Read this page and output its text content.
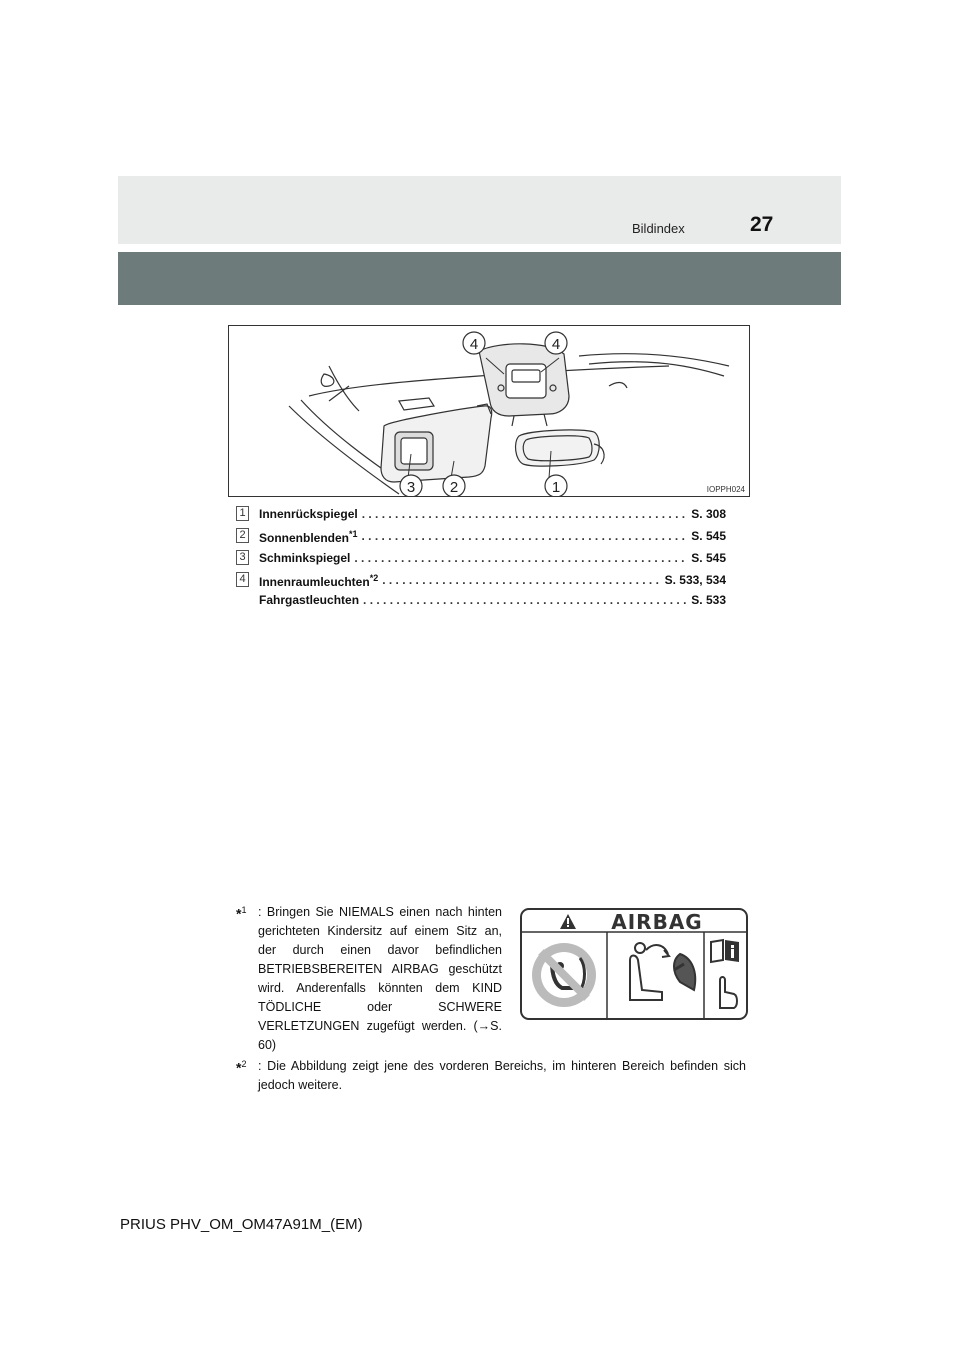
Bildindex	27
4	4
3 2	1	IOPPH024
1 Innenrückspiegel . . .	S. 308
2 Sonnenblenden$^{*1}$ . . .	S. 545
3 Schminkspiegel . . .	S. 545
4 Innenraumleuchten$^{*2}$ . . .	S. 533, 534
Fahrgastleuchten . . .	S. 533
*$^1$ : Bringen Sie NIEMALS einen nach hinten gerichteten Kindersitz auf einem Sitz an, der durch einen davor befindlichen BETRIEBSBEREITEN AIRBAG geschützt wird. Anderenfalls könnten dem KIND TÖDLICHE oder SCHWERE VERLETZUNGEN zugefügt werden. (→S. 60)
AIRBAG
*$^2$ : Die Abbildung zeigt jene des vorderen Bereichs, im hinteren Bereich befinden sich jedoch weitere.
PRIUS PHV_OM_OM47A91M_(EM)
